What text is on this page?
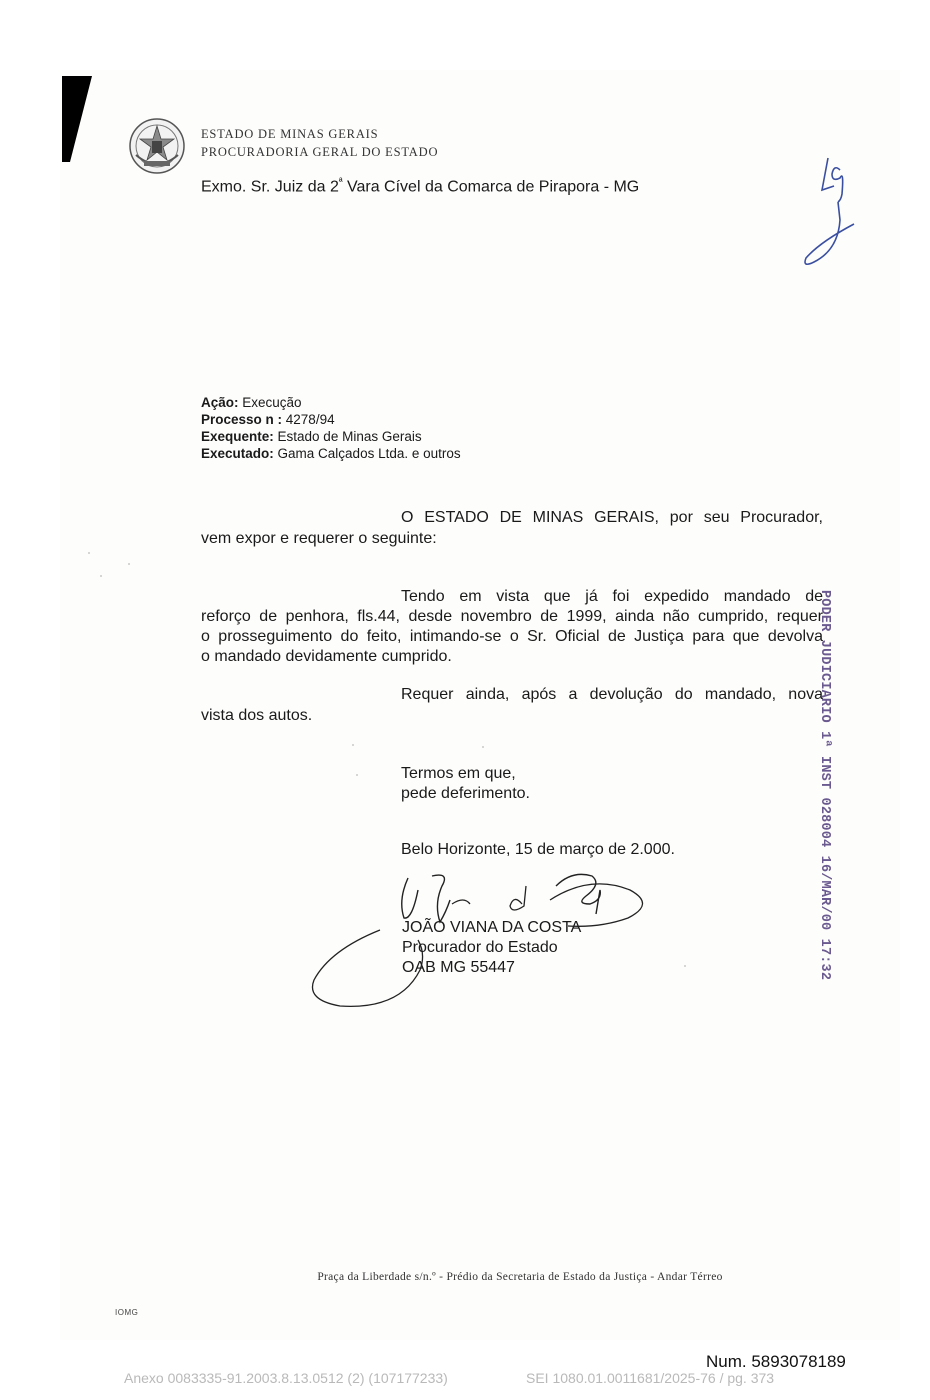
ESTADO DE MINAS GERAIS
PROCURADORIA GERAL DO ESTADO
Exmo. Sr. Juiz da $2^ª$ Vara Cível da Comarca de Pirapora - MG
Ação: Execução
Processo n : 4278/94
Exequente: Estado de Minas Gerais
Executado: Gama Calçados Ltda. e outros
O ESTADO DE MINAS GERAIS, por seu Procurador,
vem expor e requerer o seguinte:
Tendo em vista que já foi expedido mandado de
reforço de penhora, fls.44, desde novembro de 1999, ainda não cumprido, requer
o prosseguimento do feito, intimando-se o Sr. Oficial de Justiça para que devolva
o mandado devidamente cumprido.
Requer ainda, após a devolução do mandado, nova
vista dos autos.
Termos em que,
pede deferimento.
Belo Horizonte, 15 de março de 2.000.
JOÃO VIANA DA COSTA
Procurador do Estado
OAB MG 55447	PODER JUDICIARIO 1ª INST 028004 16/MAR/00 17:32
Praça da Liberdade s/n.º - Prédio da Secretaria de Estado da Justiça - Andar Térreo
IOMG
Num. 5893078189
Anexo 0083335-91.2003.8.13.0512 (2) (107177233)	SEI 1080.01.0011681/2025-76 / pg. 373
